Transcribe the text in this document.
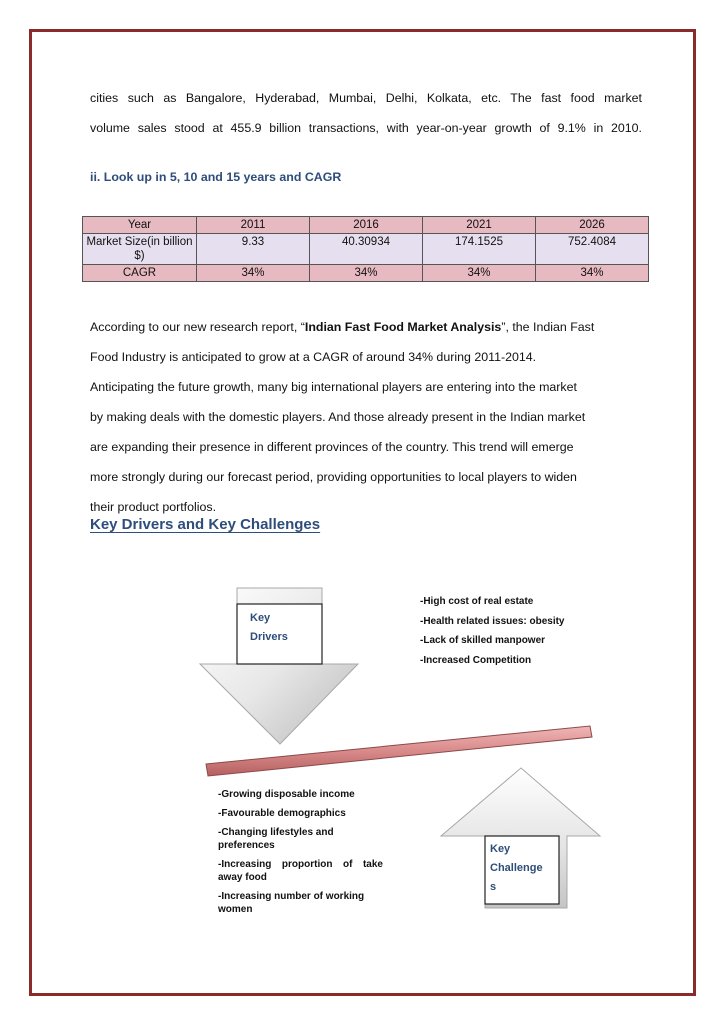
cities such as Bangalore, Hyderabad, Mumbai, Delhi, Kolkata, etc. The fast food market
volume sales stood at 455.9 billion transactions, with year-on-year growth of 9.1% in 2010.
ii. Look up in 5, 10 and 15 years and CAGR
Year	2011	2016	2021	2026
Market Size(in billion $)	9.33	40.30934	174.1525	752.4084
CAGR	34%	34%	34%	34%
According to our new research report, “Indian Fast Food Market Analysis”, the Indian Fast
Food Industry is anticipated to grow at a CAGR of around 34% during 2011-2014.
Anticipating the future growth, many big international players are entering into the market
by making deals with the domestic players. And those already present in the Indian market
are expanding their presence in different provinces of the country. This trend will emerge
more strongly during our forecast period, providing opportunities to local players to widen
their product portfolios.
Key Drivers and Key Challenges
Key
Drivers
Key
Challenge
s
-High cost of real estate
-Health related issues: obesity
-Lack of skilled manpower
-Increased Competition
-Growing disposable income
-Favourable demographics
-Changing lifestyles and
preferences
-Increasing proportion of take
away food
-Increasing number of working
women
